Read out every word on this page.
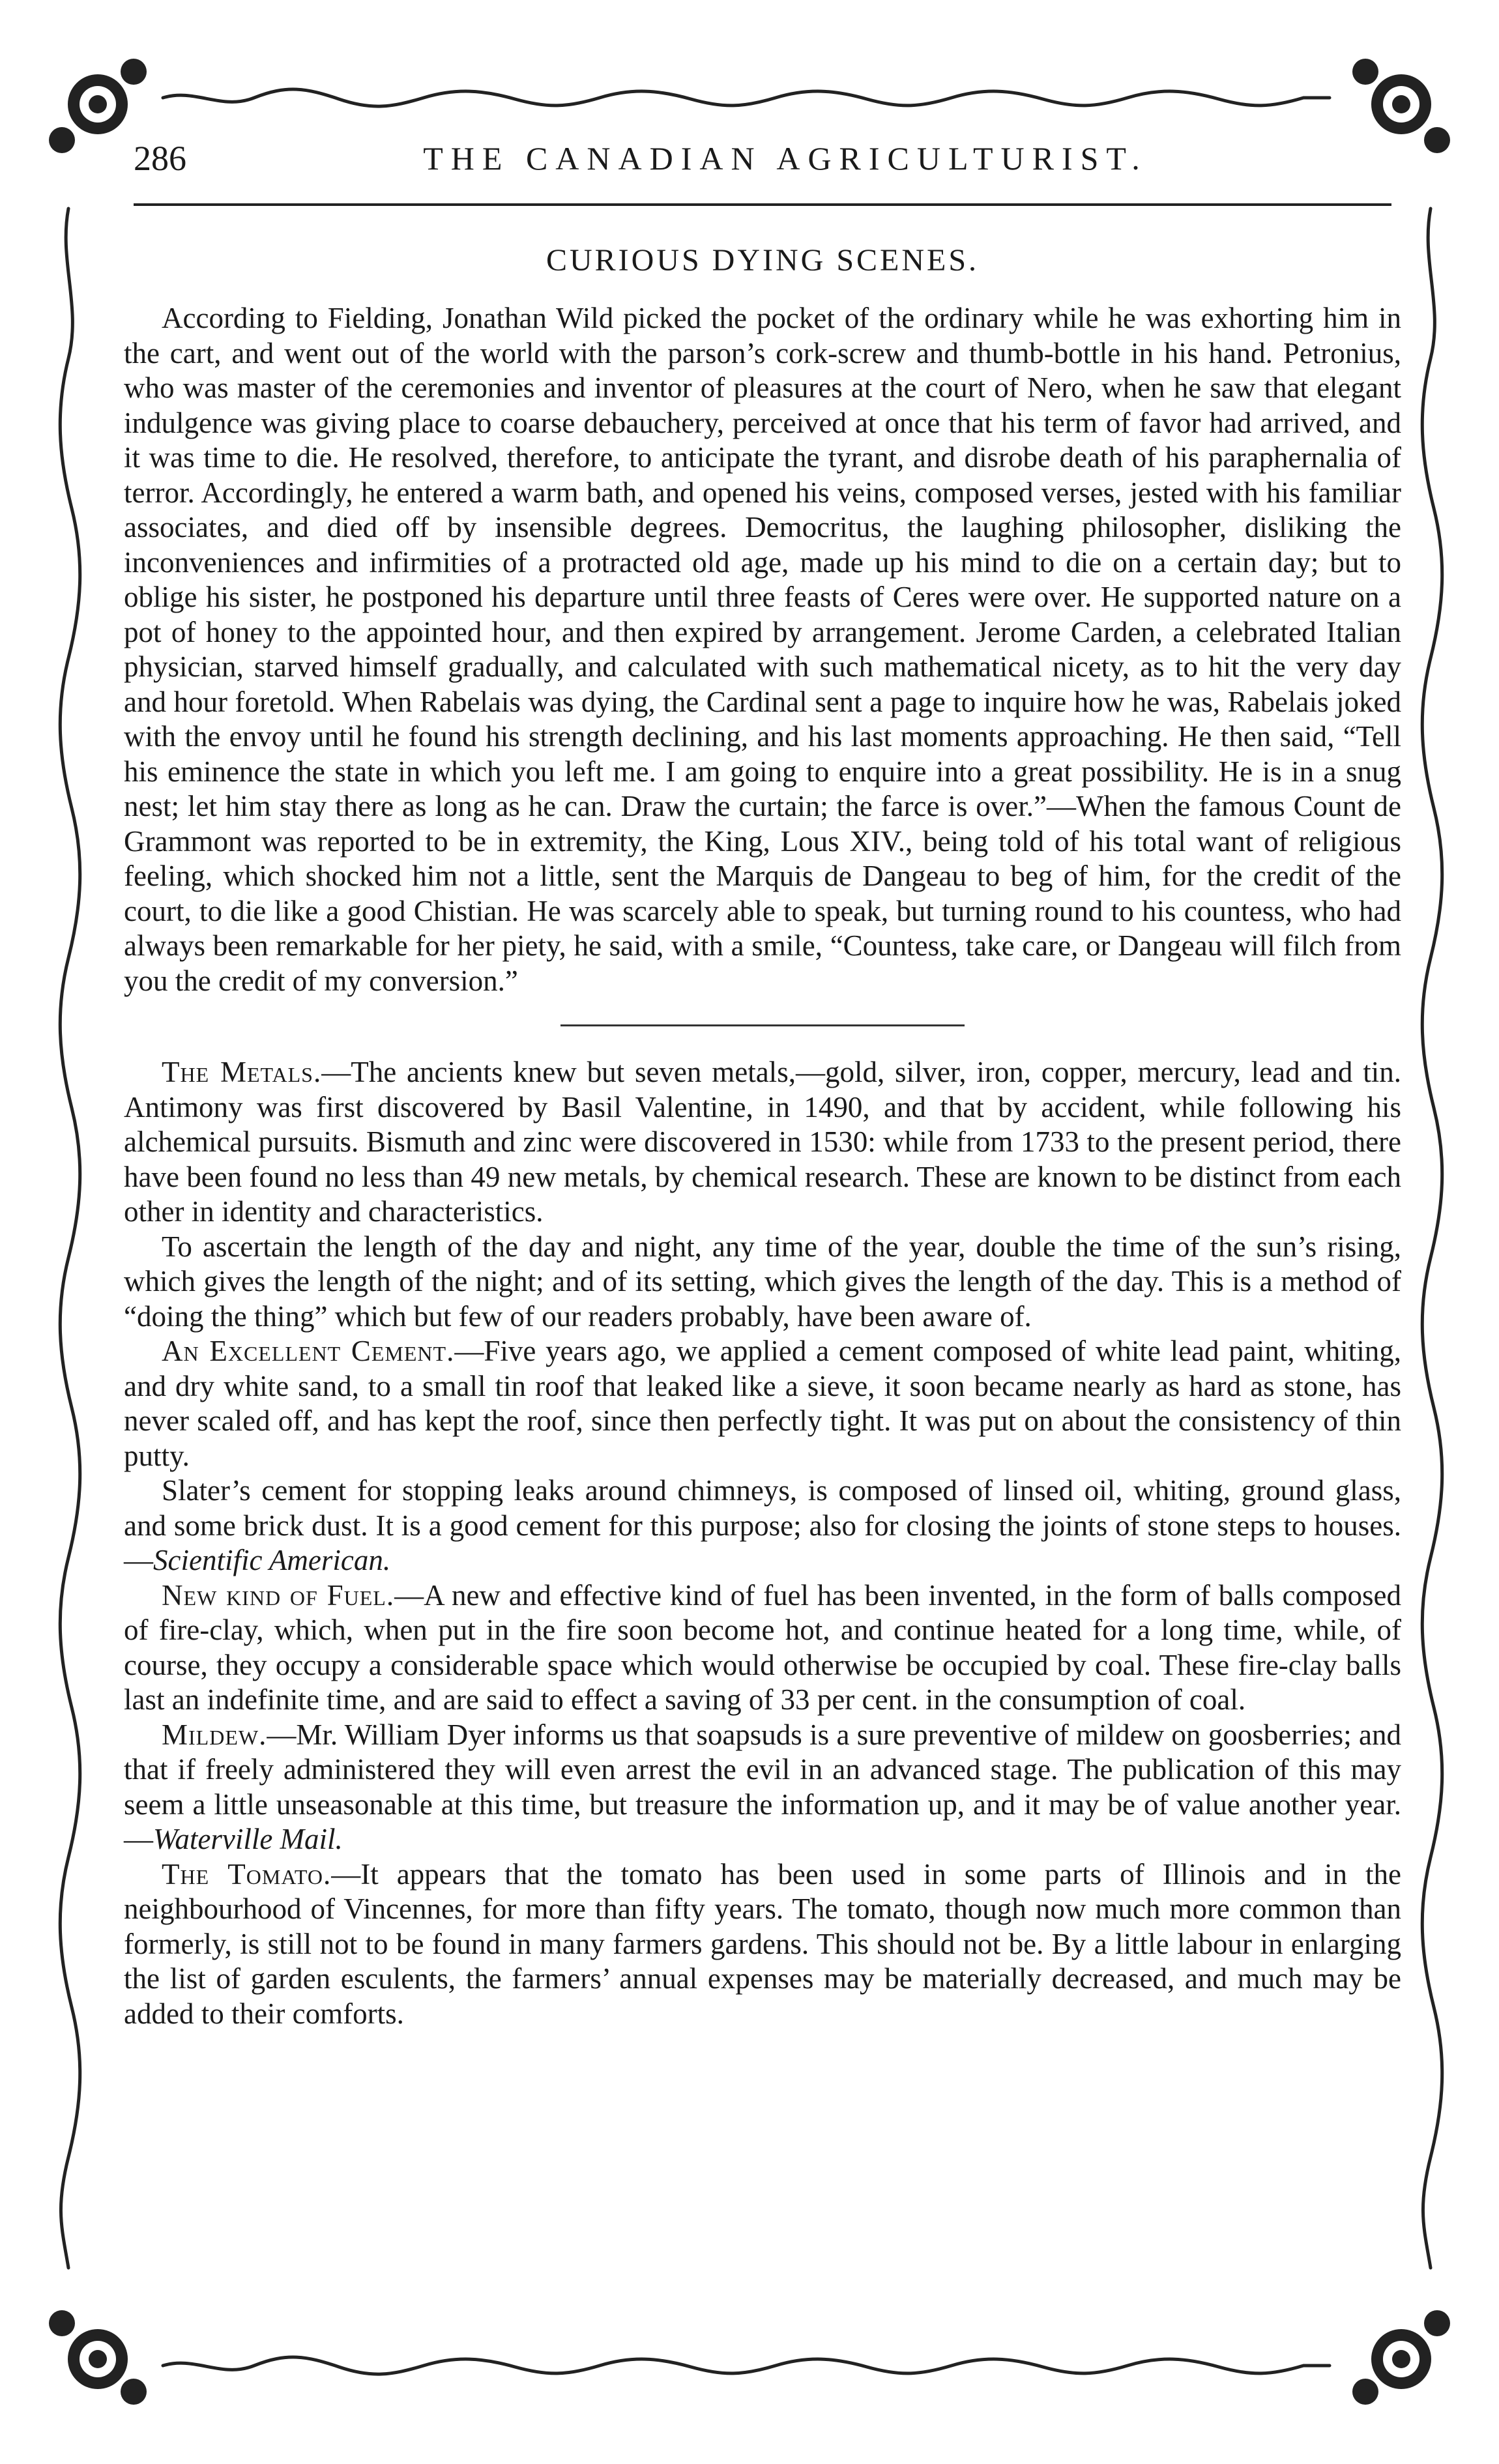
286	THE CANADIAN AGRICULTURIST.
CURIOUS DYING SCENES.

According to Fielding, Jonathan Wild picked the pocket of the ordinary while he was exhorting him in the cart, and went out of the world with the parson’s cork-screw and thumb-bottle in his hand. Petronius, who was master of the ceremonies and inventor of pleasures at the court of Nero, when he saw that elegant indulgence was giving place to coarse debauchery, perceived at once that his term of favor had arrived, and it was time to die. He resolved, therefore, to anticipate the tyrant, and disrobe death of his paraphernalia of terror. Accordingly, he entered a warm bath, and opened his veins, composed verses, jested with his familiar associates, and died off by insensible degrees. Democritus, the laughing philosopher, disliking the inconveniences and infirmities of a protracted old age, made up his mind to die on a certain day; but to oblige his sister, he postponed his departure until three feasts of Ceres were over. He supported nature on a pot of honey to the appointed hour, and then expired by arrangement. Jerome Carden, a celebrated Italian physician, starved himself gradually, and calculated with such mathematical nicety, as to hit the very day and hour foretold. When Rabelais was dying, the Cardinal sent a page to inquire how he was, Rabelais joked with the envoy until he found his strength declining, and his last moments approaching. He then said, “Tell his eminence the state in which you left me. I am going to enquire into a great possibility. He is in a snug nest; let him stay there as long as he can. Draw the curtain; the farce is over.”—When the famous Count de Grammont was reported to be in extremity, the King, Lous XIV., being told of his total want of religious feeling, which shocked him not a little, sent the Marquis de Dangeau to beg of him, for the credit of the court, to die like a good Chistian. He was scarcely able to speak, but turning round to his countess, who had always been remarkable for her piety, he said, with a smile, “Countess, take care, or Dangeau will filch from you the credit of my conversion.”

The Metals.—The ancients knew but seven metals,—gold, silver, iron, copper, mercury, lead and tin. Antimony was first discovered by Basil Valentine, in 1490, and that by accident, while following his alchemical pursuits. Bismuth and zinc were discovered in 1530: while from 1733 to the present period, there have been found no less than 49 new metals, by chemical research. These are known to be distinct from each other in identity and characteristics.

To ascertain the length of the day and night, any time of the year, double the time of the sun’s rising, which gives the length of the night; and of its setting, which gives the length of the day. This is a method of “doing the thing” which but few of our readers probably, have been aware of.

An Excellent Cement.—Five years ago, we applied a cement composed of white lead paint, whiting, and dry white sand, to a small tin roof that leaked like a sieve, it soon became nearly as hard as stone, has never scaled off, and has kept the roof, since then perfectly tight. It was put on about the consistency of thin putty.

Slater’s cement for stopping leaks around chimneys, is composed of linsed oil, whiting, ground glass, and some brick dust. It is a good cement for this purpose; also for closing the joints of stone steps to houses.—Scientific American.

New kind of Fuel.—A new and effective kind of fuel has been invented, in the form of balls composed of fire-clay, which, when put in the fire soon become hot, and continue heated for a long time, while, of course, they occupy a considerable space which would otherwise be occupied by coal. These fire-clay balls last an indefinite time, and are said to effect a saving of 33 per cent. in the consumption of coal.

Mildew.—Mr. William Dyer informs us that soapsuds is a sure preventive of mildew on goosberries; and that if freely administered they will even arrest the evil in an advanced stage. The publication of this may seem a little unseasonable at this time, but treasure the information up, and it may be of value another year.—Waterville Mail.

The Tomato.—It appears that the tomato has been used in some parts of Illinois and in the neighbourhood of Vincennes, for more than fifty years. The tomato, though now much more common than formerly, is still not to be found in many farmers gardens. This should not be. By a little labour in enlarging the list of garden esculents, the farmers’ annual expenses may be materially decreased, and much may be added to their comforts.
